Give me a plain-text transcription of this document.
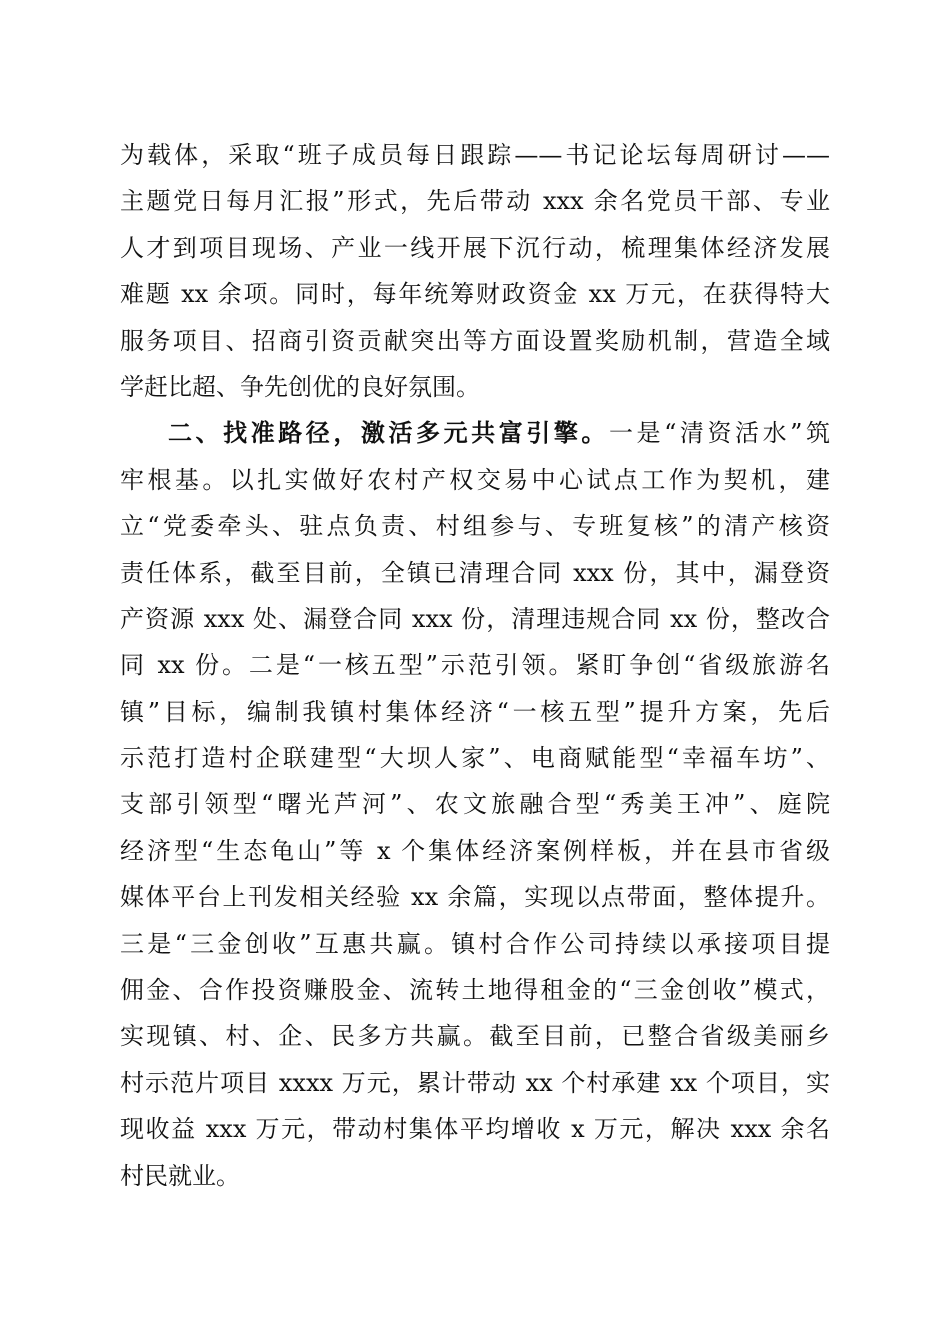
为载体，采取“班子成员每日跟踪——书记论坛每周研讨——
主题党日每月汇报”形式，先后带动 xxx 余名党员干部、专业
人才到项目现场、产业一线开展下沉行动，梳理集体经济发展
难题 xx 余项。同时，每年统筹财政资金 xx 万元，在获得特大
服务项目、招商引资贡献突出等方面设置奖励机制，营造全域
学赶比超、争先创优的良好氛围。
二、找准路径，激活多元共富引擎。一是“清资活水”筑
牢根基。以扎实做好农村产权交易中心试点工作为契机，建
立“党委牵头、驻点负责、村组参与、专班复核”的清产核资
责任体系，截至目前，全镇已清理合同 xxx 份，其中，漏登资
产资源 xxx 处、漏登合同 xxx 份，清理违规合同 xx 份，整改合
同 xx 份。二是“一核五型”示范引领。紧盯争创“省级旅游名
镇”目标，编制我镇村集体经济“一核五型”提升方案，先后
示范打造村企联建型“大坝人家”、电商赋能型“幸福车坊”、
支部引领型“曙光芦河”、农文旅融合型“秀美王冲”、庭院
经济型“生态龟山”等 x 个集体经济案例样板，并在县市省级
媒体平台上刊发相关经验 xx 余篇，实现以点带面，整体提升。
三是“三金创收”互惠共赢。镇村合作公司持续以承接项目提
佣金、合作投资赚股金、流转土地得租金的“三金创收”模式，
实现镇、村、企、民多方共赢。截至目前，已整合省级美丽乡
村示范片项目 xxxx 万元，累计带动 xx 个村承建 xx 个项目，实
现收益 xxx 万元，带动村集体平均增收 x 万元，解决 xxx 余名
村民就业。
